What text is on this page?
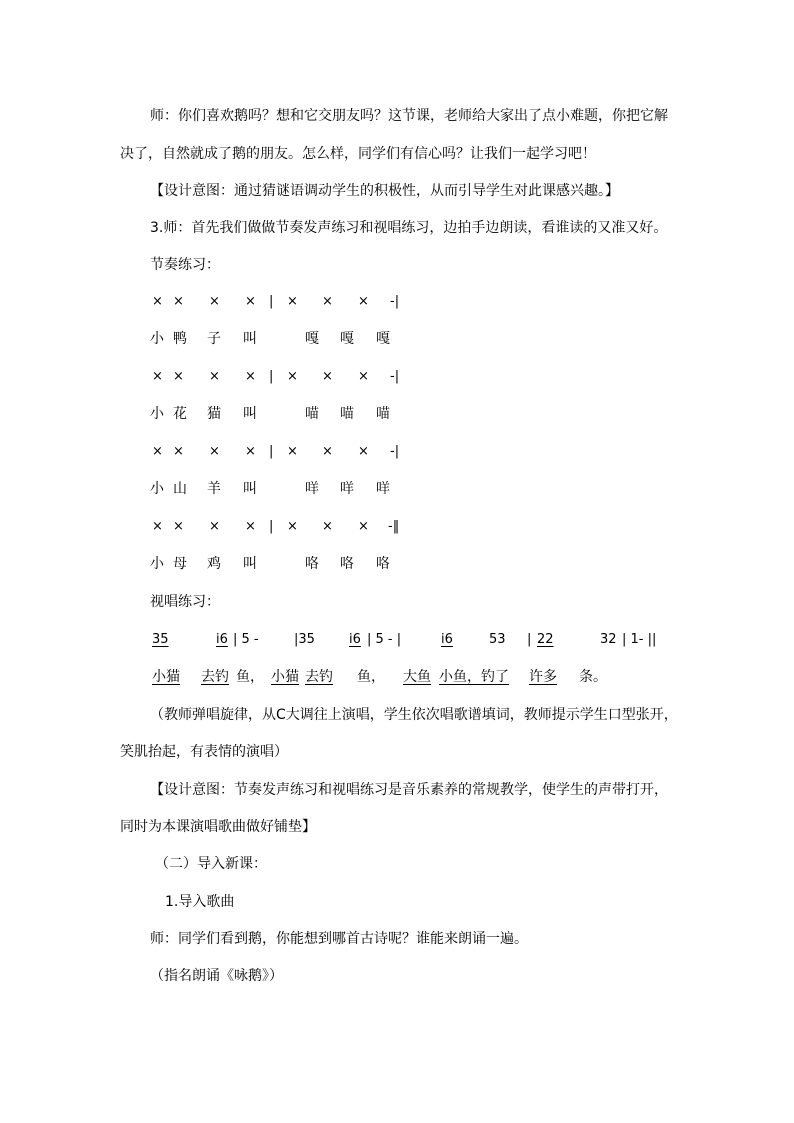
师：你们喜欢鹅吗？想和它交朋友吗？这节课，老师给大家出了点小难题，你把它解
决了，自然就成了鹅的朋友。怎么样，同学们有信心吗？让我们一起学习吧！
【设计意图：通过猜谜语调动学生的积极性，从而引导学生对此课感兴趣。】
3.师：首先我们做做节奏发声练习和视唱练习，边拍手边朗读，看谁读的又准又好。
节奏练习：
× × × × | × × × -|
小 鸭 子 叫	嘎 嘎 嘎
× × × × | × × × -|
小 花 猫 叫	喵 喵 喵
× × × × | × × × -|
小 山 羊 叫	咩 咩 咩
× × × × | × × × -‖
小 母 鸡 叫	咯 咯 咯
视唱练习：
35	i6 | 5 -	|35	i6 | 5 - |	i6	53 | 22	32 | 1- ||
小猫 去钓 鱼， 小猫 去钓 鱼， 大鱼 小鱼， 钓了 许多 条。
（教师弹唱旋律，从C大调往上演唱，学生依次唱歌谱填词，教师提示学生口型张开，
笑肌抬起，有表情的演唱）
【设计意图：节奏发声练习和视唱练习是音乐素养的常规教学，使学生的声带打开，
同时为本课演唱歌曲做好铺垫】
（二）导入新课：
1.导入歌曲
师：同学们看到鹅，你能想到哪首古诗呢？谁能来朗诵一遍。
（指名朗诵《咏鹅》）
